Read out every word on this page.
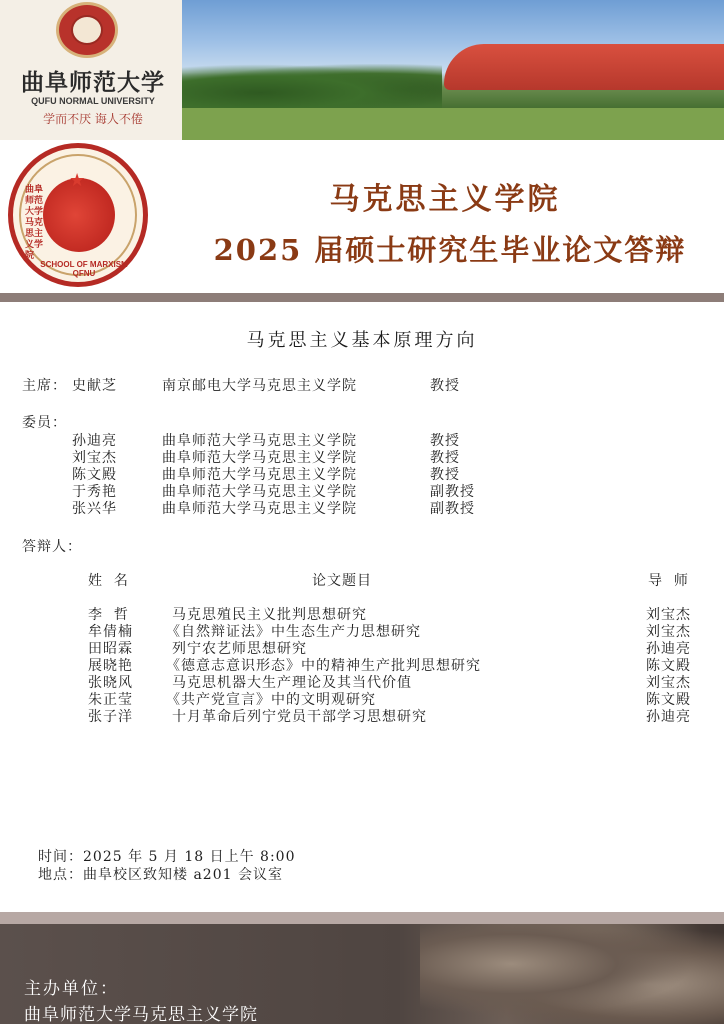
曲阜师范大学
QUFU NORMAL UNIVERSITY
学而不厌 诲人不倦
★
曲阜师范大学马克思主义学院
SCHOOL OF MARXISM QFNU
马克思主义学院
2025 届硕士研究生毕业论文答辩
马克思主义基本原理方向
主席： 史献芝	南京邮电大学马克思主义学院	教授
委员：
孙迪亮	曲阜师范大学马克思主义学院	教授
刘宝杰	曲阜师范大学马克思主义学院	教授
陈文殿	曲阜师范大学马克思主义学院	教授
于秀艳	曲阜师范大学马克思主义学院	副教授
张兴华	曲阜师范大学马克思主义学院	副教授
答辩人：
姓  名	论文题目	导  师
李  哲	马克思殖民主义批判思想研究	刘宝杰
牟倩楠 《自然辩证法》中生态生产力思想研究	刘宝杰
田昭霖	列宁农艺师思想研究	孙迪亮
展晓艳 《德意志意识形态》中的精神生产批判思想研究	陈文殿
张晓风	马克思机器大生产理论及其当代价值	刘宝杰
朱正莹 《共产党宣言》中的文明观研究	陈文殿
张子洋	十月革命后列宁党员干部学习思想研究	孙迪亮
时间：2025 年 5 月 18 日上午 8:00
地点：曲阜校区致知楼 a201 会议室
主办单位：
曲阜师范大学马克思主义学院
